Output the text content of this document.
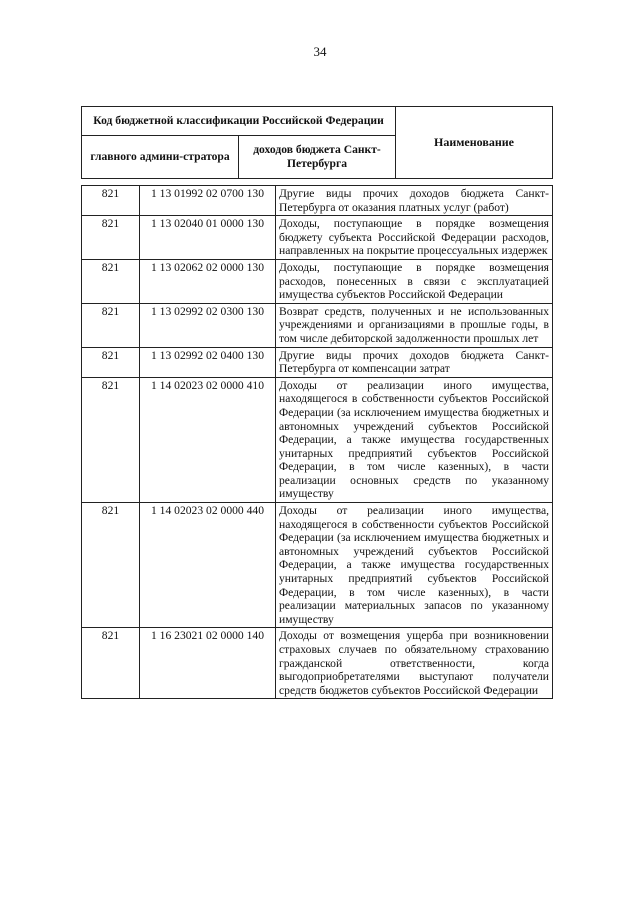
34
Код бюджетной классификации Российской Федерации		Наименование
главного админи-стратора	доходов бюджета Санкт-Петербурга	
821	1 13 01992 02 0700 130	Другие виды прочих доходов бюджета Санкт-Петербурга от оказания платных услуг (работ)
821	1 13 02040 01 0000 130	Доходы, поступающие в порядке возмещения бюджету субъекта Российской Федерации расходов, направленных на покрытие процессуальных издержек
821	1 13 02062 02 0000 130	Доходы, поступающие в порядке возмещения расходов, понесенных в связи с эксплуатацией имущества субъектов Российской Федерации
821	1 13 02992 02 0300 130	Возврат средств, полученных и не использованных учреждениями и организациями в прошлые годы, в том числе дебиторской задолженности прошлых лет
821	1 13 02992 02 0400 130	Другие виды прочих доходов бюджета Санкт-Петербурга от компенсации затрат
821	1 14 02023 02 0000 410	Доходы от реализации иного имущества, находящегося в собственности субъектов Российской Федерации (за исключением имущества бюджетных и автономных учреждений субъектов Российской Федерации, а также имущества государственных унитарных предприятий субъектов Российской Федерации, в том числе казенных), в части реализации основных средств по указанному имуществу
821	1 14 02023 02 0000 440	Доходы от реализации иного имущества, находящегося в собственности субъектов Российской Федерации (за исключением имущества бюджетных и автономных учреждений субъектов Российской Федерации, а также имущества государственных унитарных предприятий субъектов Российской Федерации, в том числе казенных), в части реализации материальных запасов по указанному имуществу
821	1 16 23021 02 0000 140	Доходы от возмещения ущерба при возникновении страховых случаев по обязательному страхованию гражданской ответственности, когда выгодоприобретателями выступают получатели средств бюджетов субъектов Российской Федерации
